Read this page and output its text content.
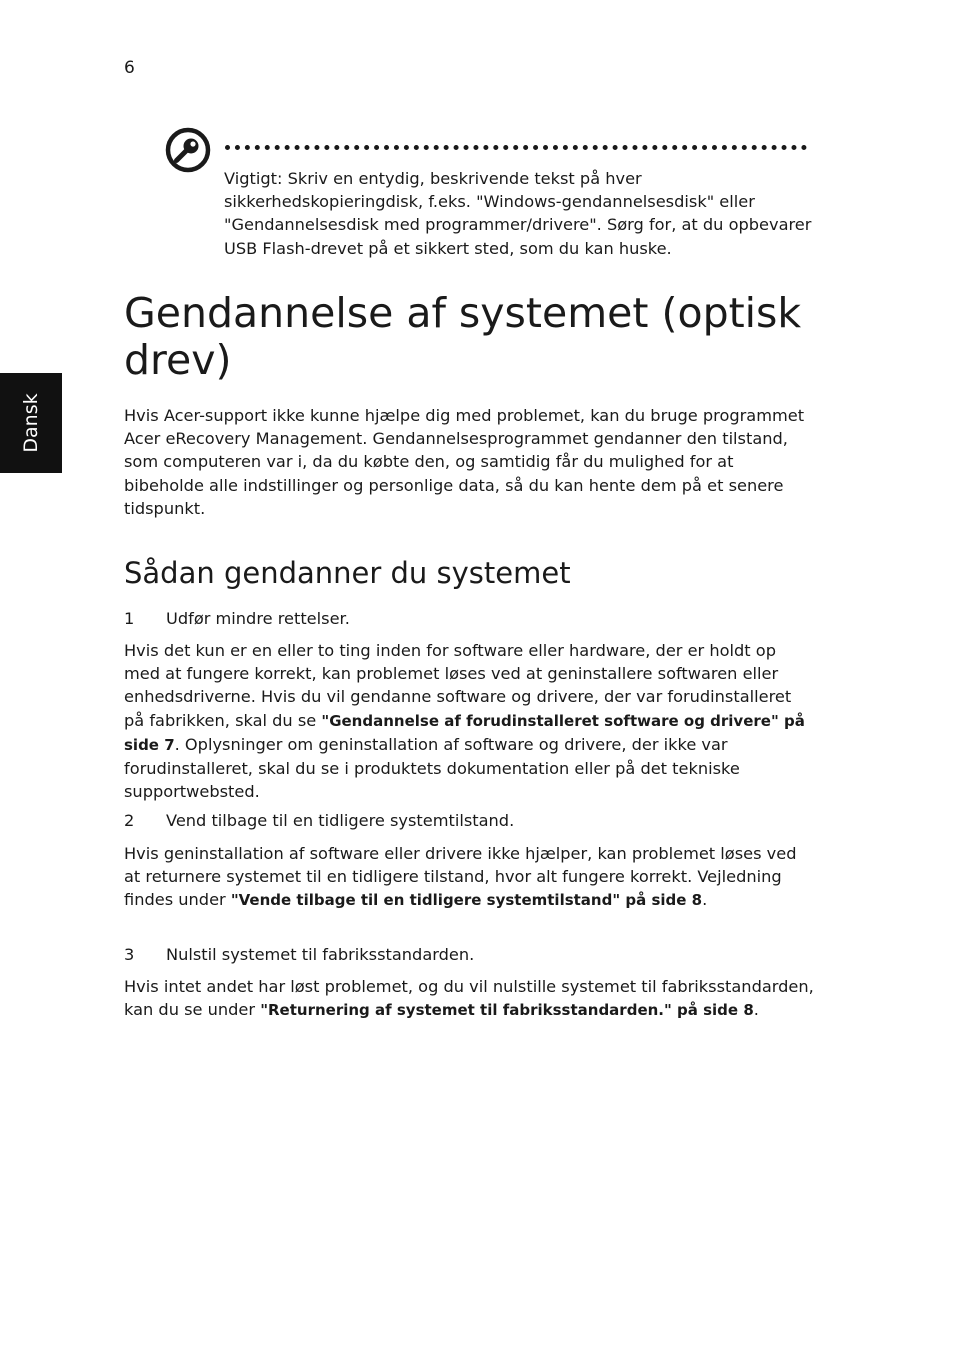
6
Dansk
Vigtigt: Skriv en entydig, beskrivende tekst på hver sikkerhedskopieringdisk, f.eks. "Windows-gendannelsesdisk" eller "Gendannelsesdisk med programmer/drivere". Sørg for, at du opbevarer USB Flash-drevet på et sikkert sted, som du kan huske.
Gendannelse af systemet (optisk drev)

Hvis Acer-support ikke kunne hjælpe dig med problemet, kan du bruge programmet Acer eRecovery Management. Gendannelsesprogrammet gendanner den tilstand, som computeren var i, da du købte den, og samtidig får du mulighed for at bibeholde alle indstillinger og personlige data, så du kan hente dem på et senere tidspunkt.

Sådan gendanner du systemet
1 Udfør mindre rettelser.

Hvis det kun er en eller to ting inden for software eller hardware, der er holdt op med at fungere korrekt, kan problemet løses ved at geninstallere softwaren eller enhedsdriverne. Hvis du vil gendanne software og drivere, der var forudinstalleret på fabrikken, skal du se "Gendannelse af forudinstalleret software og drivere" på side 7. Oplysninger om geninstallation af software og drivere, der ikke var forudinstalleret, skal du se i produktets dokumentation eller på det tekniske supportwebsted.

2 Vend tilbage til en tidligere systemtilstand.

Hvis geninstallation af software eller drivere ikke hjælper, kan problemet løses ved at returnere systemet til en tidligere tilstand, hvor alt fungere korrekt. Vejledning findes under "Vende tilbage til en tidligere systemtilstand" på side 8.

3 Nulstil systemet til fabriksstandarden.

Hvis intet andet har løst problemet, og du vil nulstille systemet til fabriksstandarden, kan du se under "Returnering af systemet til fabriksstandarden." på side 8.
